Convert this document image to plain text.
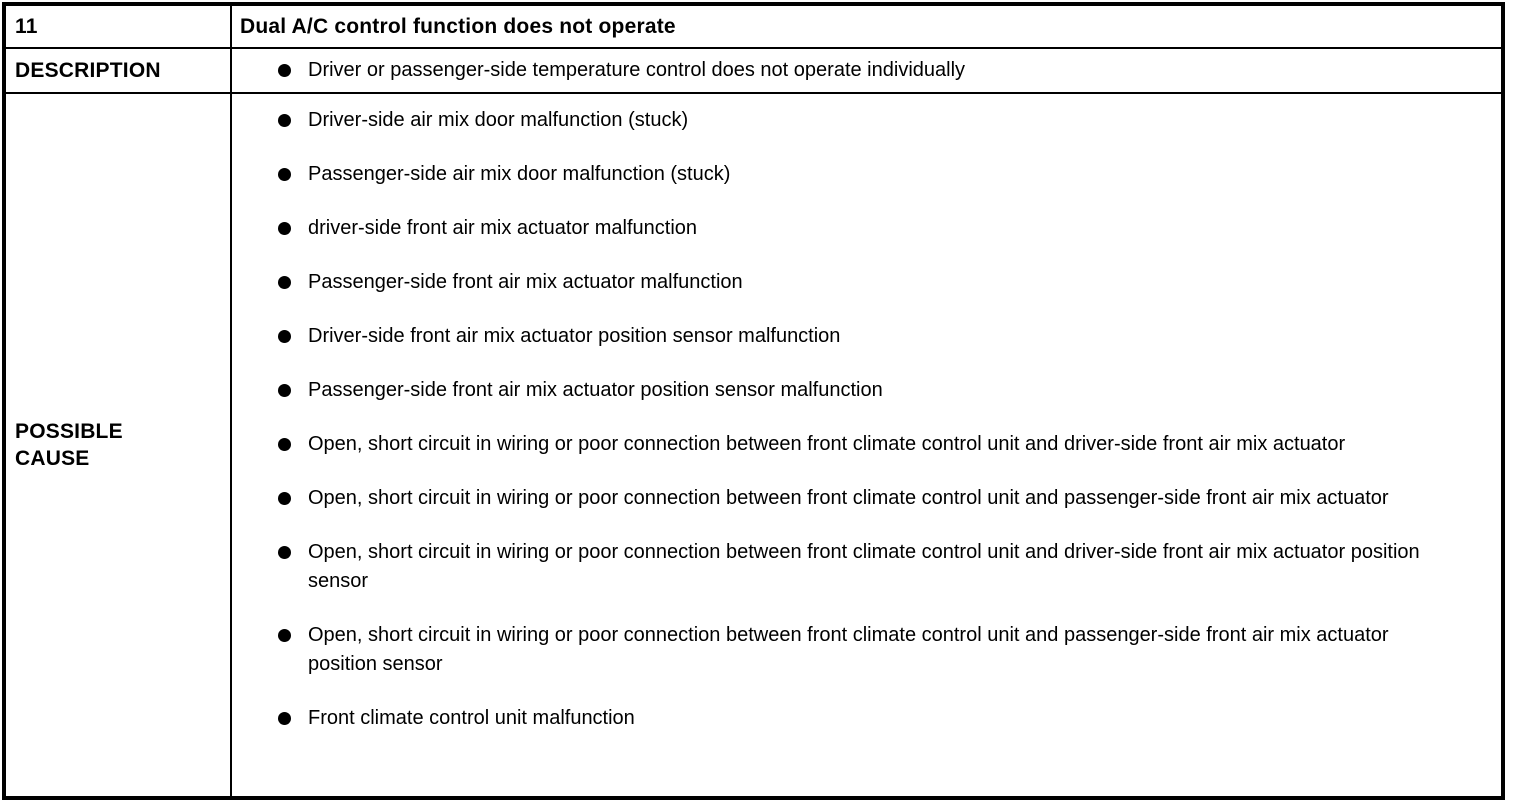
11	Dual A/C control function does not operate
DESCRIPTION	Driver or passenger-side temperature control does not operate individually

POSSIBLE CAUSE

Driver-side air mix door malfunction (stuck)
Passenger-side air mix door malfunction (stuck)
driver-side front air mix actuator malfunction
Passenger-side front air mix actuator malfunction
Driver-side front air mix actuator position sensor malfunction
Passenger-side front air mix actuator position sensor malfunction
Open, short circuit in wiring or poor connection between front climate control unit and driver-side front air mix actuator
Open, short circuit in wiring or poor connection between front climate control unit and passenger-side front air mix actuator
Open, short circuit in wiring or poor connection between front climate control unit and driver-side front air mix actuator position sensor
Open, short circuit in wiring or poor connection between front climate control unit and passenger-side front air mix actuator position sensor
Front climate control unit malfunction
